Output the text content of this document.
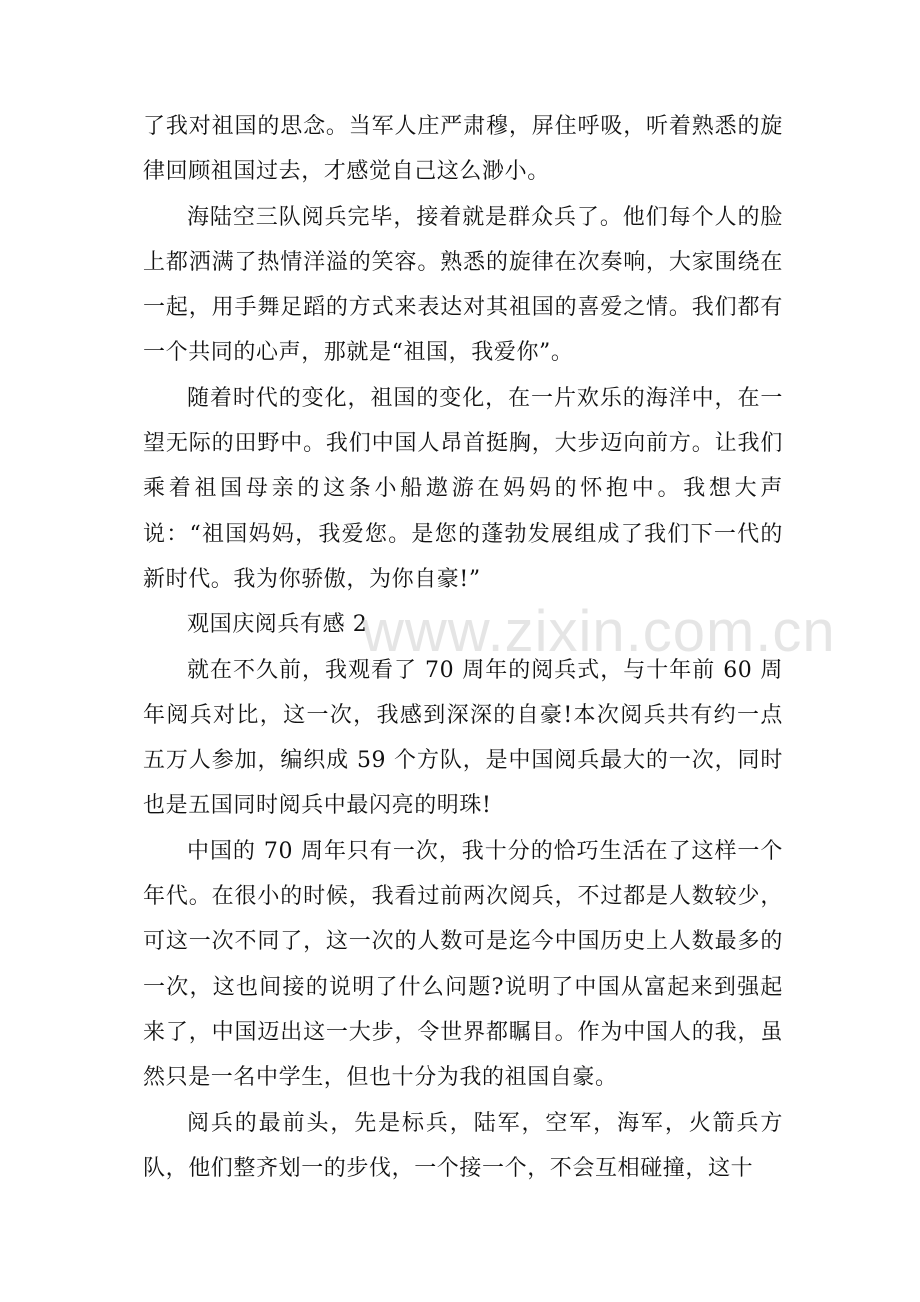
了我对祖国的思念。当军人庄严肃穆，屏住呼吸，听着熟悉的旋律回顾祖国过去，才感觉自己这么渺小。

海陆空三队阅兵完毕，接着就是群众兵了。他们每个人的脸上都洒满了热情洋溢的笑容。熟悉的旋律在次奏响，大家围绕在一起，用手舞足蹈的方式来表达对其祖国的喜爱之情。我们都有一个共同的心声，那就是“祖国，我爱你”。

随着时代的变化，祖国的变化，在一片欢乐的海洋中，在一望无际的田野中。我们中国人昂首挺胸，大步迈向前方。让我们乘着祖国母亲的这条小船遨游在妈妈的怀抱中。我想大声说：“祖国妈妈，我爱您。是您的蓬勃发展组成了我们下一代的新时代。我为你骄傲，为你自豪!”

观国庆阅兵有感 2

就在不久前，我观看了 70 周年的阅兵式，与十年前 60 周年阅兵对比，这一次，我感到深深的自豪!本次阅兵共有约一点五万人参加，编织成 59 个方队，是中国阅兵最大的一次，同时也是五国同时阅兵中最闪亮的明珠!

中国的 70 周年只有一次，我十分的恰巧生活在了这样一个年代。在很小的时候，我看过前两次阅兵，不过都是人数较少，可这一次不同了，这一次的人数可是迄今中国历史上人数最多的一次，这也间接的说明了什么问题?说明了中国从富起来到强起来了，中国迈出这一大步，令世界都瞩目。作为中国人的我，虽然只是一名中学生，但也十分为我的祖国自豪。

阅兵的最前头，先是标兵，陆军，空军，海军，火箭兵方队，他们整齐划一的步伐，一个接一个，不会互相碰撞，这十

www.zixin.com.cn
